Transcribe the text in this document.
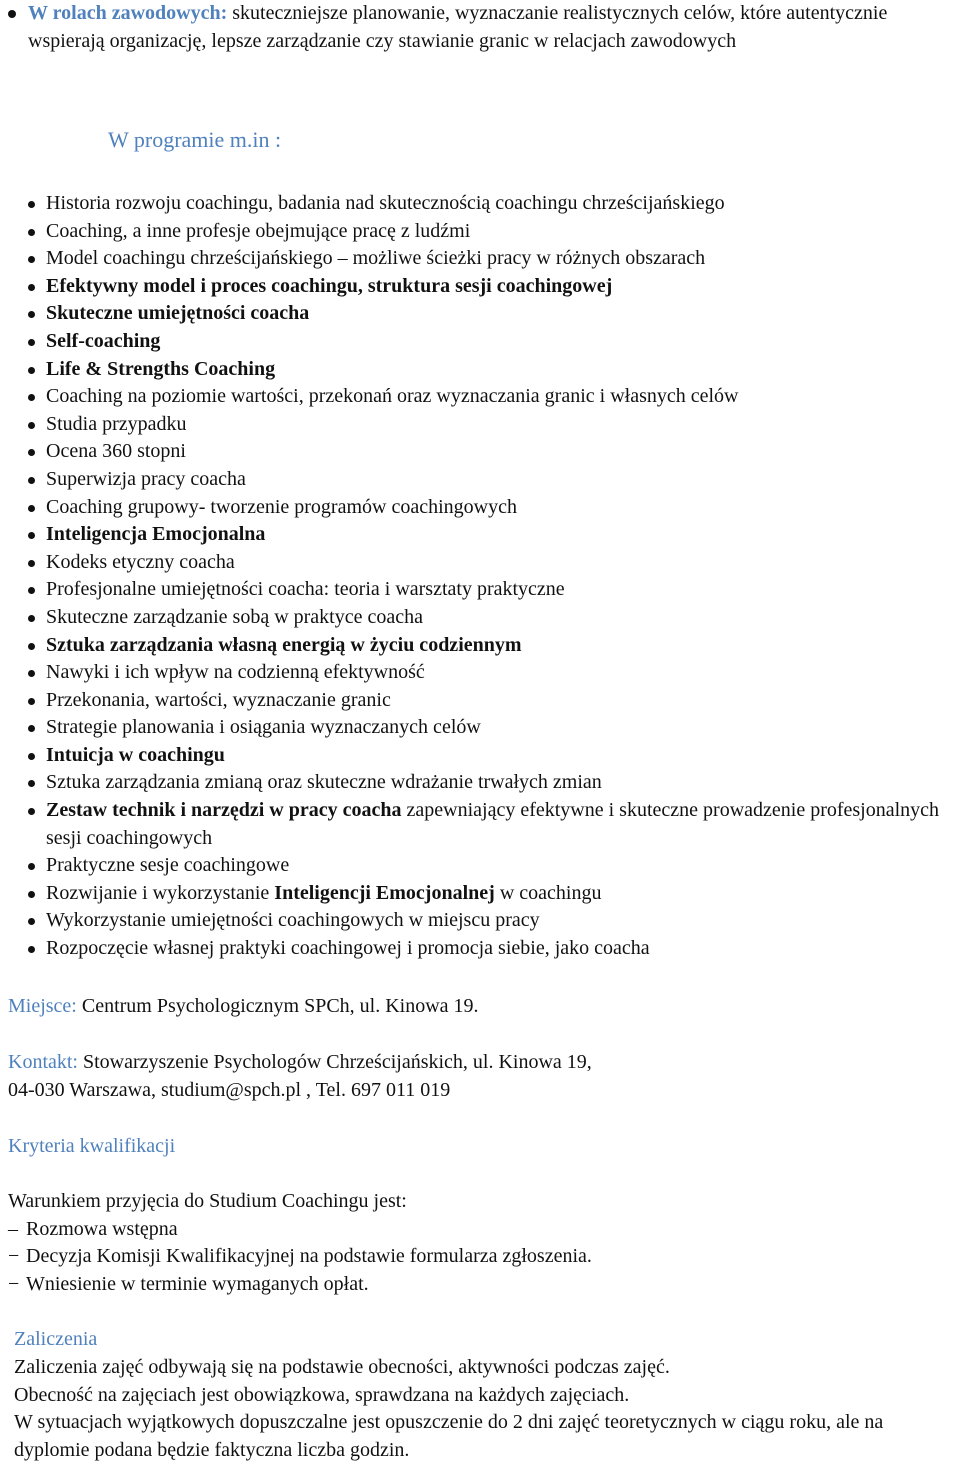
W rolach zawodowych: skuteczniejsze planowanie, wyznaczanie realistycznych celów, które autentycznie wspierają organizację, lepsze zarządzanie czy stawianie granic w relacjach zawodowych
W programie m.in :
Historia rozwoju coachingu, badania nad skutecznością coachingu chrześcijańskiego
Coaching, a inne profesje obejmujące pracę z ludźmi
Model coachingu chrześcijańskiego – możliwe ścieżki pracy w różnych obszarach
Efektywny model i proces coachingu, struktura sesji coachingowej
Skuteczne umiejętności coacha
Self-coaching
Life & Strengths Coaching
Coaching na poziomie wartości, przekonań oraz wyznaczania granic i własnych celów
Studia przypadku
Ocena 360 stopni
Superwizja pracy coacha
Coaching grupowy- tworzenie programów coachingowych
Inteligencja Emocjonalna
Kodeks etyczny coacha
Profesjonalne umiejętności coacha: teoria i warsztaty praktyczne
Skuteczne zarządzanie sobą w praktyce coacha
Sztuka zarządzania własną energią w życiu codziennym
Nawyki i ich wpływ na codzienną efektywność
Przekonania, wartości, wyznaczanie granic
Strategie planowania i osiągania wyznaczanych celów
Intuicja w coachingu
Sztuka zarządzania zmianą oraz skuteczne wdrażanie trwałych zmian
Zestaw technik i narzędzi w pracy coacha zapewniający efektywne i skuteczne prowadzenie profesjonalnych sesji coachingowych
Praktyczne sesje coachingowe
Rozwijanie i wykorzystanie Inteligencji Emocjonalnej w coachingu
Wykorzystanie umiejętności coachingowych w miejscu pracy
Rozpoczęcie własnej praktyki coachingowej i promocja siebie, jako coacha
Miejsce: Centrum Psychologicznym SPCh, ul. Kinowa 19.
Kontakt: Stowarzyszenie Psychologów Chrześcijańskich, ul. Kinowa 19,
04-030 Warszawa, studium@spch.pl , Tel. 697 011 019
Kryteria kwalifikacji
Warunkiem przyjęcia do Studium Coachingu jest:
– Rozmowa wstępna
− Decyzja Komisji Kwalifikacyjnej na podstawie formularza zgłoszenia.
− Wniesienie w terminie wymaganych opłat.
Zaliczenia
Zaliczenia zajęć odbywają się na podstawie obecności, aktywności podczas zajęć.
Obecność na zajęciach jest obowiązkowa, sprawdzana na każdych zajęciach.
W sytuacjach wyjątkowych dopuszczalne jest opuszczenie do 2 dni zajęć teoretycznych w ciągu roku, ale na dyplomie podana będzie faktyczna liczba godzin.
